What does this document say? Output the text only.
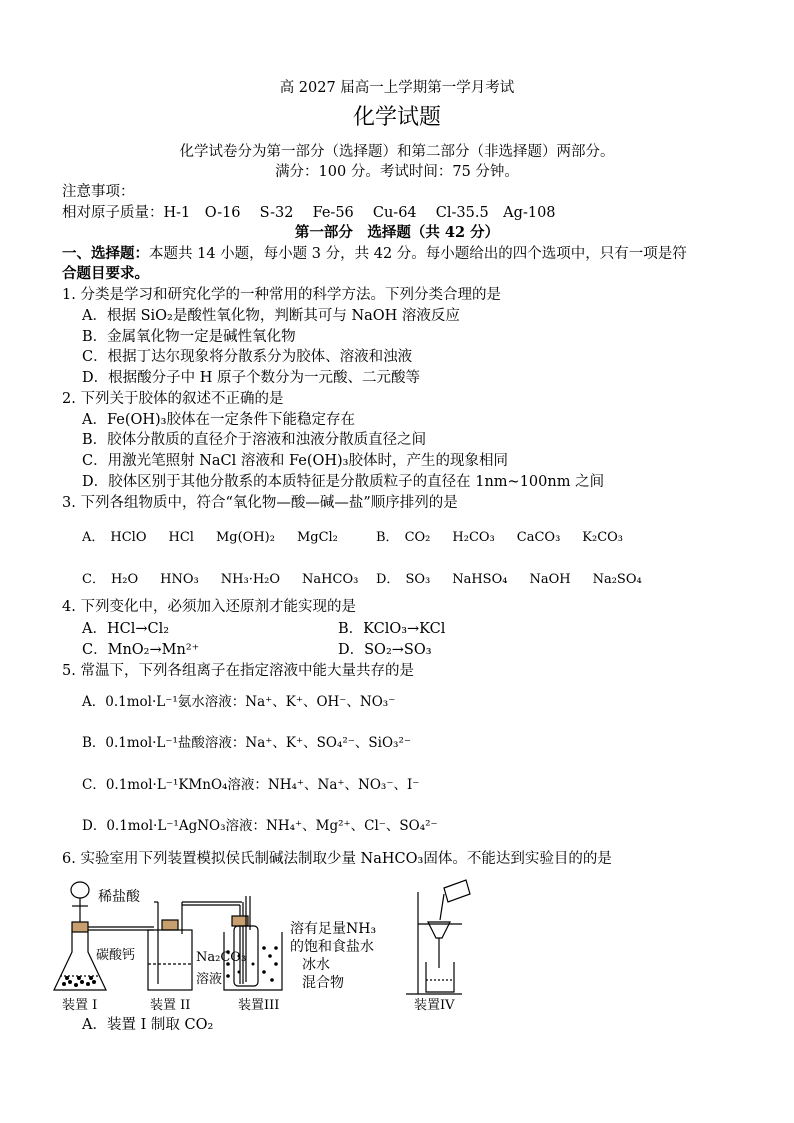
高 2027 届高一上学期第一学月考试
化学试题
化学试卷分为第一部分（选择题）和第二部分（非选择题）两部分。
满分：100 分。考试时间：75 分钟。
注意事项：
相对原子质量：H-1　O-16　 S-32　 Fe-56　 Cu-64　 Cl-35.5　Ag-108
第一部分　选择题（共 42 分）
一、选择题：本题共 14 小题，每小题 3 分，共 42 分。每小题给出的四个选项中，只有一项是符
合题目要求。
1. 分类是学习和研究化学的一种常用的科学方法。下列分类合理的是
A．根据 SiO₂是酸性氧化物，判断其可与 NaOH 溶液反应
B．金属氧化物一定是碱性氧化物
C．根据丁达尔现象将分散系分为胶体、溶液和浊液
D．根据酸分子中 H 原子个数分为一元酸、二元酸等
2. 下列关于胶体的叙述不正确的是
A．Fe(OH)₃胶体在一定条件下能稳定存在
B．胶体分散质的直径介于溶液和浊液分散质直径之间
C．用激光笔照射 NaCl 溶液和 Fe(OH)₃胶体时，产生的现象相同
D．胶体区别于其他分散系的本质特征是分散质粒子的直径在 1nm~100nm 之间
3. 下列各组物质中，符合“氧化物—酸—碱—盐”顺序排列的是
A． HClO HCl Mg(OH)₂ MgCl₂	B． CO₂ H₂CO₃ CaCO₃ K₂CO₃
C． H₂O HNO₃ NH₃·H₂O NaHCO₃	D． SO₃ NaHSO₄ NaOH Na₂SO₄
4. 下列变化中，必须加入还原剂才能实现的是
A．HCl→Cl₂	B．KClO₃→KCl
C．MnO₂→Mn²⁺	D．SO₂→SO₃
5. 常温下，下列各组离子在指定溶液中能大量共存的是
A．0.1mol·L⁻¹氨水溶液：Na⁺、K⁺、OH⁻、NO₃⁻
B．0.1mol·L⁻¹盐酸溶液：Na⁺、K⁺、SO₄²⁻、SiO₃²⁻
C．0.1mol·L⁻¹KMnO₄溶液：NH₄⁺、Na⁺、NO₃⁻、I⁻
D．0.1mol·L⁻¹AgNO₃溶液：NH₄⁺、Mg²⁺、Cl⁻、SO₄²⁻
6. 实验室用下列装置模拟侯氏制碱法制取少量 NaHCO₃固体。不能达到实验目的的是
稀盐酸
碳酸钙	Na₂CO₃
溶液
溶有足量NH₃
的饱和食盐水
冰水
混合物
装置 I	装置 II	装置III	装置IV
A．装置 I 制取 CO₂
